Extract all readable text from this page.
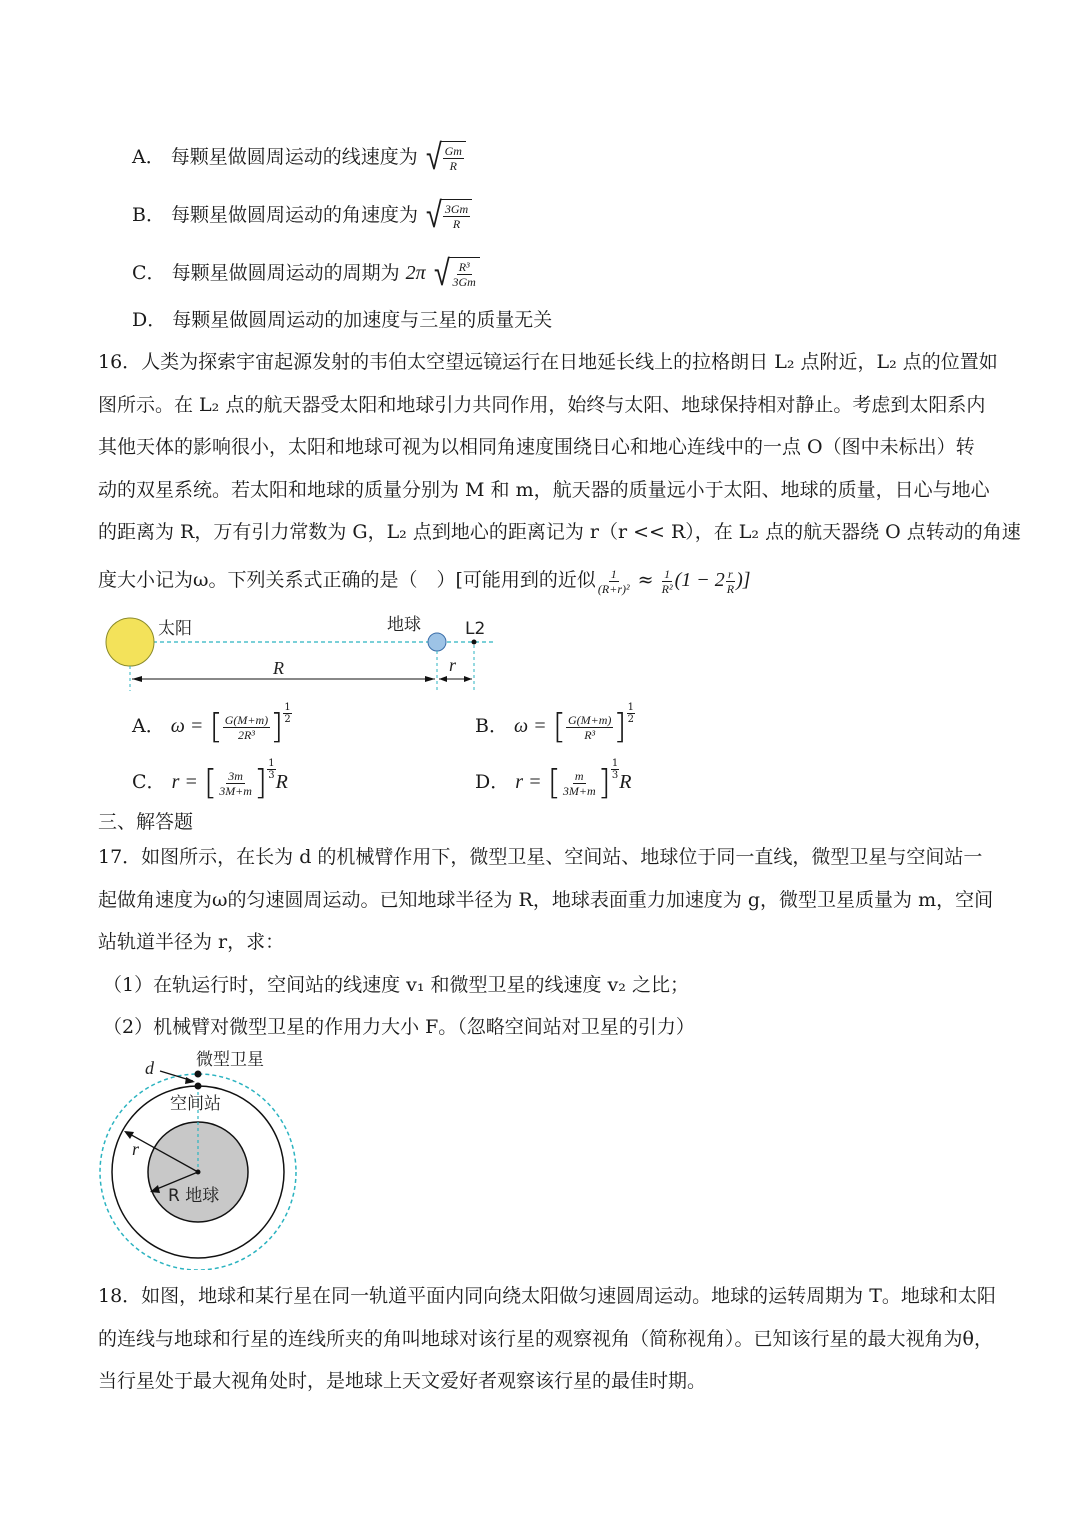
A． 每颗星做圆周运动的线速度为 √ $\frac{Gm}{R}$
B． 每颗星做圆周运动的角速度为 √ $\frac{3Gm}{R}$
C． 每颗星做圆周运动的周期为 2π √ $\frac{\text{R³}}{3Gm}$
D． 每颗星做圆周运动的加速度与三星的质量无关
16．人类为探索宇宙起源发射的韦伯太空望远镜运行在日地延长线上的拉格朗日 L₂ 点附近，L₂ 点的位置如
图所示。在 L₂ 点的航天器受太阳和地球引力共同作用，始终与太阳、地球保持相对静止。考虑到太阳系内
其他天体的影响很小，太阳和地球可视为以相同角速度围绕日心和地心连线中的一点 O（图中未标出）转
动的双星系统。若太阳和地球的质量分别为 M 和 m，航天器的质量远小于太阳、地球的质量，日心与地心
的距离为 R，万有引力常数为 G，L₂ 点到地心的距离记为 r（r << R），在 L₂ 点的航天器绕 O 点转动的角速
度大小记为ω。下列关系式正确的是（　）[可能用到的近似 $\frac{1}{\text{(R+r)²}} \approx \frac{1}{\text{R²}} (1 - 2 \frac{r}{R}$ )]
太阳	地球	L2
R	r
A． ω = [ $\frac{G(M+m)}{\text{2R³}}$ ] $\frac{1}{2}$
B． ω = [ $\frac{G(M+m)}{\text{R³}}$ ] $\frac{1}{2}$
C． r = [ $\frac{3m}{3M+m}$ ] $\frac{1}{3}$
R	D． r = [ $\frac{m}{3M+m}$ ] $\frac{1}{3}$
R
三、解答题
17．如图所示，在长为 d 的机械臂作用下，微型卫星、空间站、地球位于同一直线，微型卫星与空间站一
起做角速度为ω的匀速圆周运动。已知地球半径为 R，地球表面重力加速度为 g，微型卫星质量为 m，空间
站轨道半径为 r，求：
（1）在轨运行时，空间站的线速度 v₁ 和微型卫星的线速度 v₂ 之比；
（2）机械臂对微型卫星的作用力大小 F。（忽略空间站对卫星的引力）
d 微型卫星
空间站
r
R 地球
18．如图，地球和某行星在同一轨道平面内同向绕太阳做匀速圆周运动。地球的运转周期为 T。地球和太阳
的连线与地球和行星的连线所夹的角叫地球对该行星的观察视角（简称视角）。已知该行星的最大视角为θ，
当行星处于最大视角处时，是地球上天文爱好者观察该行星的最佳时期。
